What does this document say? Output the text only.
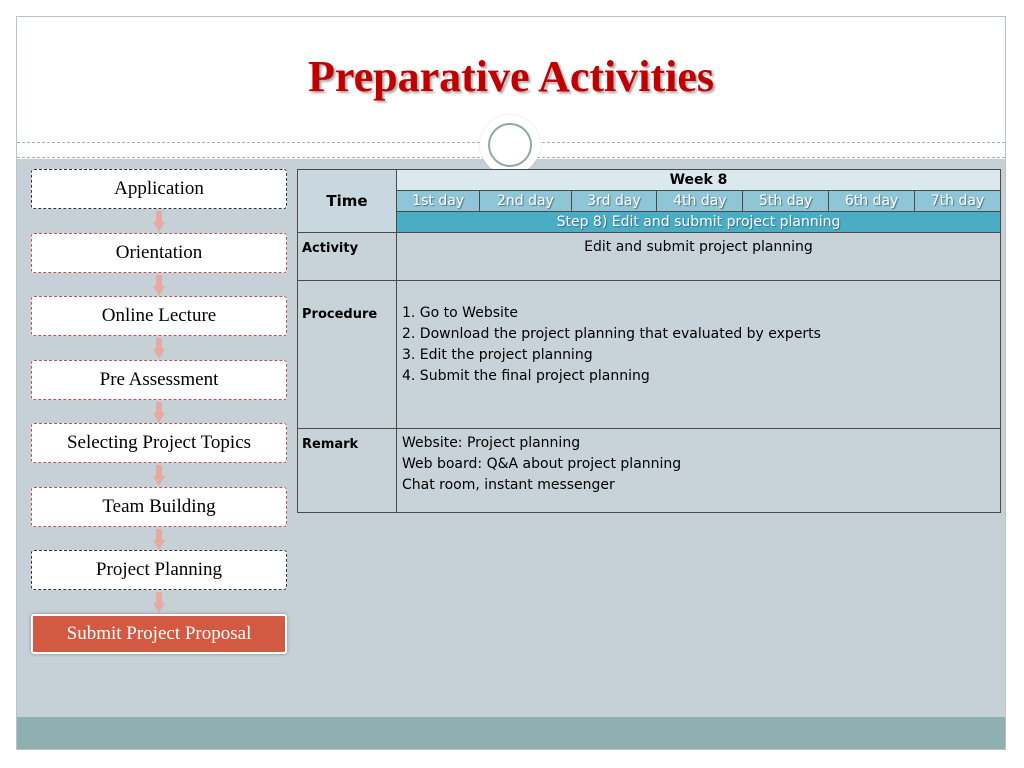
Preparative Activities
Application
Orientation
Online Lecture
Pre Assessment
Selecting Project Topics
Team Building
Project Planning
Submit Project Proposal
Time	Week 8						
	1st day	2nd day	3rd day	4th day	5th day	6th day	7th day
	Step 8) Edit and submit project planning						
Activity	Edit and submit project planning						
Procedure	1. Go to Website
2. Download the project planning that evaluated by experts
3. Edit the project planning
4. Submit the final project planning						

Remark	Website: Project planning
Web board: Q&A about project planning
Chat room, instant messenger						
